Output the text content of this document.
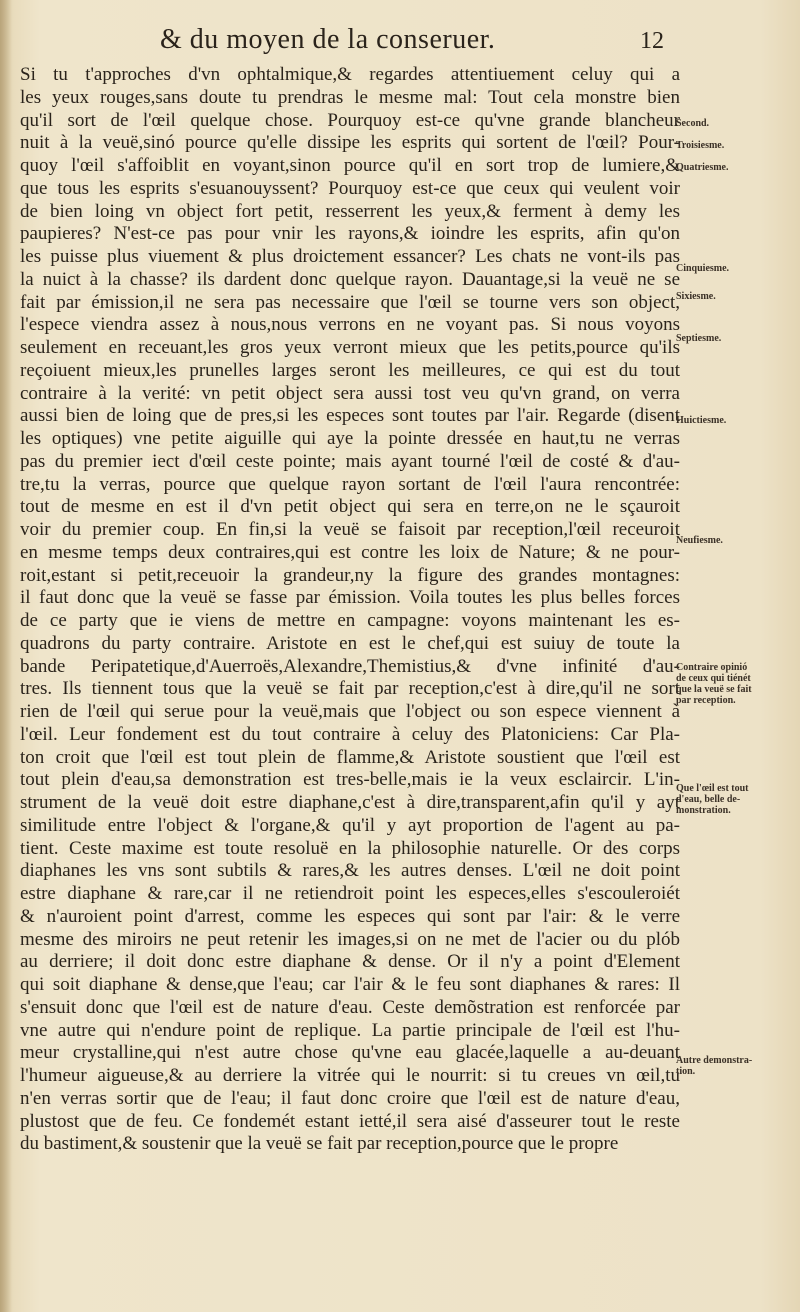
& du moyen de la conseruer.	12
Si tu t'approches d'vn ophtalmique,& regardes attentiuement celuy qui a
les yeux rouges,sans doute tu prendras le mesme mal: Tout cela monstre bien
qu'il sort de l'œil quelque chose. Pourquoy est-ce qu'vne grande blancheur
nuit à la veuë,sinó pource qu'elle dissipe les esprits qui sortent de l'œil? Pour-
quoy l'œil s'affoiblit en voyant,sinon pource qu'il en sort trop de lumiere,&
que tous les esprits s'esuanouyssent? Pourquoy est-ce que ceux qui veulent voir
de bien loing vn object fort petit, resserrent les yeux,& ferment à demy les
paupieres? N'est-ce pas pour vnir les rayons,& ioindre les esprits, afin qu'on
les puisse plus viuement & plus droictement essancer? Les chats ne vont-ils pas
la nuict à la chasse? ils dardent donc quelque rayon. Dauantage,si la veuë ne se
fait par émission,il ne sera pas necessaire que l'œil se tourne vers son object,
l'espece viendra assez à nous,nous verrons en ne voyant pas. Si nous voyons
seulement en receuant,les gros yeux verront mieux que les petits,pource qu'ils
reçoiuent mieux,les prunelles larges seront les meilleures, ce qui est du tout
contraire à la verité: vn petit object sera aussi tost veu qu'vn grand, on verra
aussi bien de loing que de pres,si les especes sont toutes par l'air. Regarde (disent
les optiques) vne petite aiguille qui aye la pointe dressée en haut,tu ne verras
pas du premier iect d'œil ceste pointe; mais ayant tourné l'œil de costé & d'au-
tre,tu la verras, pource que quelque rayon sortant de l'œil l'aura rencontrée:
tout de mesme en est il d'vn petit object qui sera en terre,on ne le sçauroit
voir du premier coup. En fin,si la veuë se faisoit par reception,l'œil receuroit
en mesme temps deux contraires,qui est contre les loix de Nature; & ne pour-
roit,estant si petit,receuoir la grandeur,ny la figure des grandes montagnes:
il faut donc que la veuë se fasse par émission. Voila toutes les plus belles forces
de ce party que ie viens de mettre en campagne: voyons maintenant les es-
quadrons du party contraire. Aristote en est le chef,qui est suiuy de toute la
bande Peripatetique,d'Auerroës,Alexandre,Themistius,& d'vne infinité d'au-
tres. Ils tiennent tous que la veuë se fait par reception,c'est à dire,qu'il ne sort
rien de l'œil qui serue pour la veuë,mais que l'object ou son espece viennent à
l'œil. Leur fondement est du tout contraire à celuy des Platoniciens: Car Pla-
ton croit que l'œil est tout plein de flamme,& Aristote soustient que l'œil est
tout plein d'eau,sa demonstration est tres-belle,mais ie la veux esclaircir. L'in-
strument de la veuë doit estre diaphane,c'est à dire,transparent,afin qu'il y ayt
similitude entre l'object & l'organe,& qu'il y ayt proportion de l'agent au pa-
tient. Ceste maxime est toute resoluë en la philosophie naturelle. Or des corps
diaphanes les vns sont subtils & rares,& les autres denses. L'œil ne doit point
estre diaphane & rare,car il ne retiendroit point les especes,elles s'escouleroiét
& n'auroient point d'arrest, comme les especes qui sont par l'air: & le verre
mesme des miroirs ne peut retenir les images,si on ne met de l'acier ou du plób
au derriere; il doit donc estre diaphane & dense. Or il n'y a point d'Element
qui soit diaphane & dense,que l'eau; car l'air & le feu sont diaphanes & rares: Il
s'ensuit donc que l'œil est de nature d'eau. Ceste demõstration est renforcée par
vne autre qui n'endure point de replique. La partie principale de l'œil est l'hu-
meur crystalline,qui n'est autre chose qu'vne eau glacée,laquelle a au-deuant
l'humeur aigueuse,& au derriere la vitrée qui le nourrit: si tu creues vn œil,tu
n'en verras sortir que de l'eau; il faut donc croire que l'œil est de nature d'eau,
plustost que de feu. Ce fondemét estant ietté,il sera aisé d'asseurer tout le reste
du bastiment,& soustenir que la veuë se fait par reception,pource que le propre
Second.
Troisiesme.
Quatriesme.
Cinquiesme.
Sixiesme.
Septiesme.
Huictiesme.
Neufiesme.
Contraire opinió
de ceux qui tiénét
que la veuë se fait
par reception.
Que l'œil est tout
d'eau, belle de-
monstration.
Autre demonstra-
tion.
